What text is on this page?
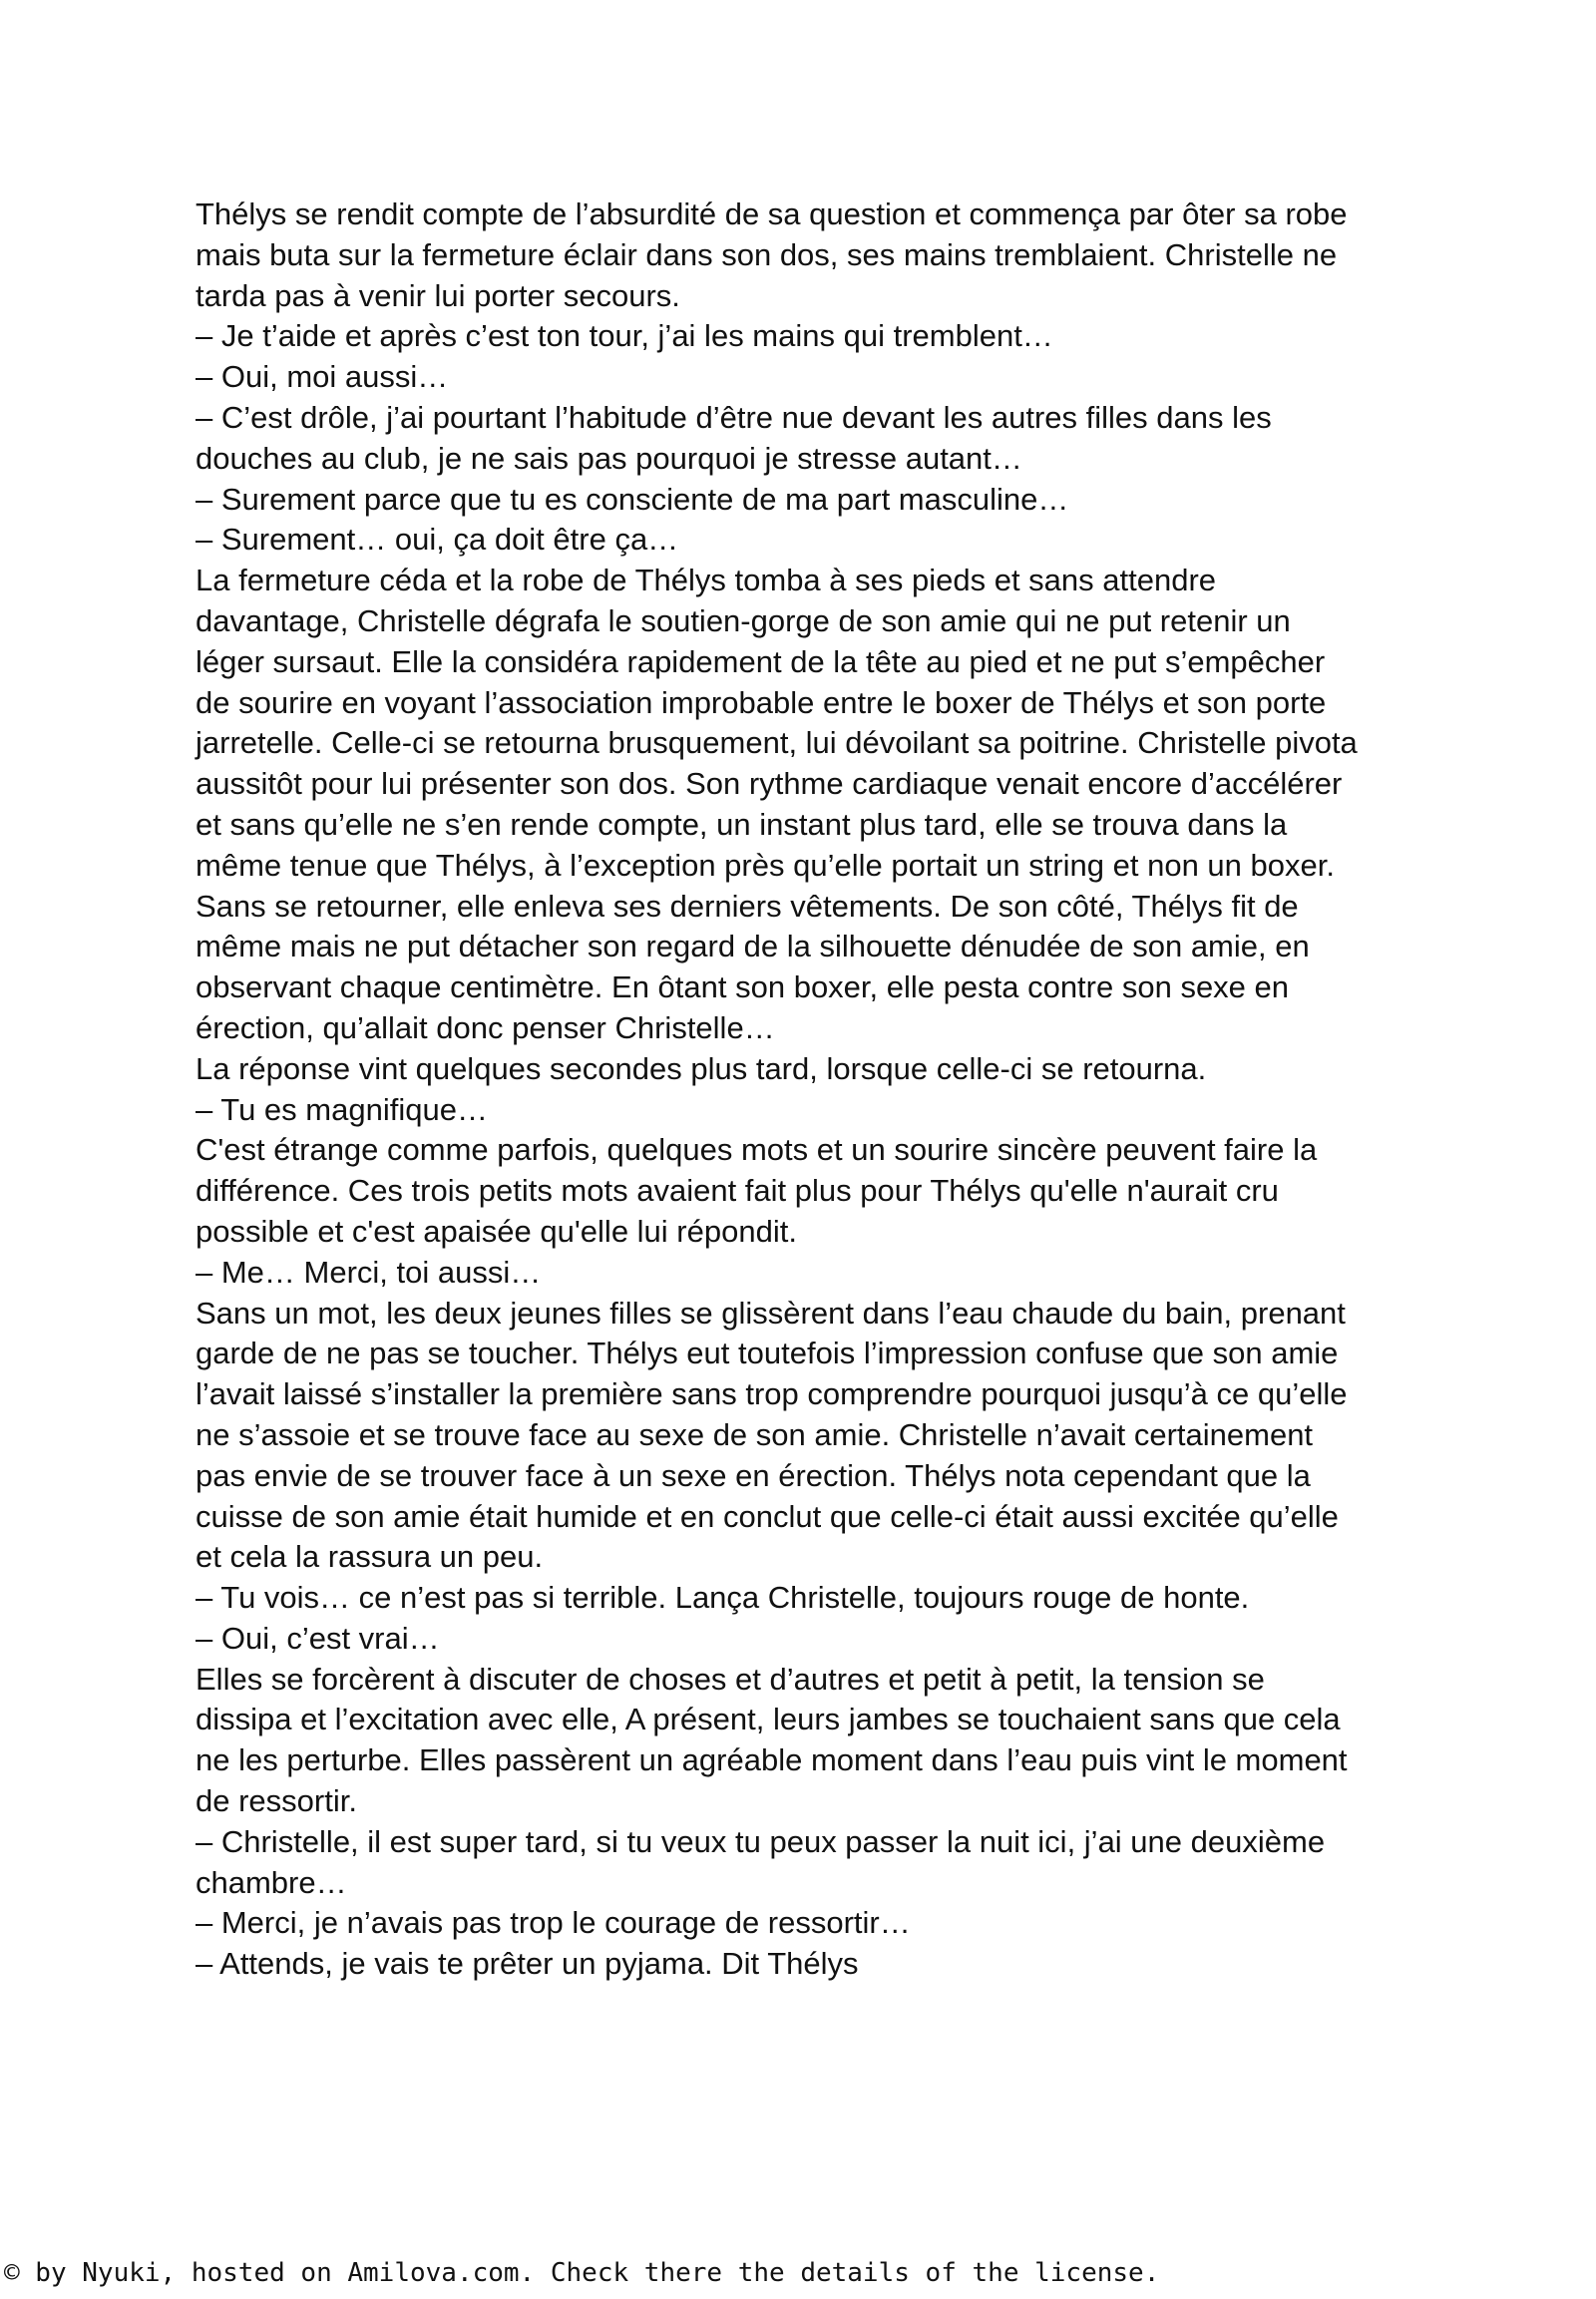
Thélys se rendit compte de l’absurdité de sa question et commença par ôter sa robe
mais buta sur la fermeture éclair dans son dos, ses mains tremblaient. Christelle ne
tarda pas à venir lui porter secours.
– Je t’aide et après c’est ton tour, j’ai les mains qui tremblent…
– Oui, moi aussi…
– C’est drôle, j’ai pourtant l’habitude d’être nue devant les autres filles dans les
douches au club, je ne sais pas pourquoi je stresse autant…
– Surement parce que tu es consciente de ma part masculine…
– Surement… oui, ça doit être ça…
La fermeture céda et la robe de Thélys tomba à ses pieds et sans attendre
davantage, Christelle dégrafa le soutien-gorge de son amie qui ne put retenir un
léger sursaut. Elle la considéra rapidement de la tête au pied et ne put s’empêcher
de sourire en voyant l’association improbable entre le boxer de Thélys et son porte
jarretelle. Celle-ci se retourna brusquement, lui dévoilant sa poitrine. Christelle pivota
aussitôt pour lui présenter son dos. Son rythme cardiaque venait encore d’accélérer
et sans qu’elle ne s’en rende compte, un instant plus tard, elle se trouva dans la
même tenue que Thélys, à l’exception près qu’elle portait un string et non un boxer.
Sans se retourner, elle enleva ses derniers vêtements. De son côté, Thélys fit de
même mais ne put détacher son regard de la silhouette dénudée de son amie, en
observant chaque centimètre. En ôtant son boxer, elle pesta contre son sexe en
érection, qu’allait donc penser Christelle…
La réponse vint quelques secondes plus tard, lorsque celle-ci se retourna.
– Tu es magnifique…
C'est étrange comme parfois, quelques mots et un sourire sincère peuvent faire la
différence. Ces trois petits mots avaient fait plus pour Thélys qu'elle n'aurait cru
possible et c'est apaisée qu'elle lui répondit.
– Me… Merci, toi aussi…
Sans un mot, les deux jeunes filles se glissèrent dans l’eau chaude du bain, prenant
garde de ne pas se toucher. Thélys eut toutefois l’impression confuse que son amie
l’avait laissé s’installer la première sans trop comprendre pourquoi jusqu’à ce qu’elle
ne s’assoie et se trouve face au sexe de son amie. Christelle n’avait certainement
pas envie de se trouver face à un sexe en érection. Thélys nota cependant que la
cuisse de son amie était humide et en conclut que celle-ci était aussi excitée qu’elle
et cela la rassura un peu.
– Tu vois… ce n’est pas si terrible. Lança Christelle, toujours rouge de honte.
– Oui, c’est vrai…
Elles se forcèrent à discuter de choses et d’autres et petit à petit, la tension se
dissipa et l’excitation avec elle, A présent, leurs jambes se touchaient sans que cela
ne les perturbe. Elles passèrent un agréable moment dans l’eau puis vint le moment
de ressortir.
– Christelle, il est super tard, si tu veux tu peux passer la nuit ici, j’ai une deuxième
chambre…
– Merci, je n’avais pas trop le courage de ressortir…
– Attends, je vais te prêter un pyjama. Dit Thélys
© by Nyuki, hosted on Amilova.com. Check there the details of the license.
